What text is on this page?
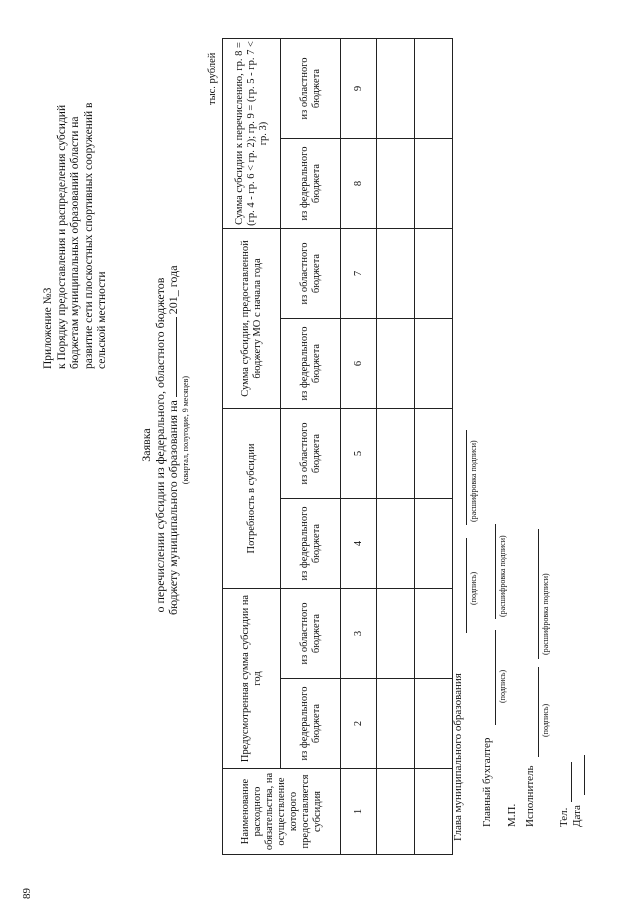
89
Приложение №3 к Порядку предоставления и распределения субсидий бюджетам муниципальных образований области на развитие сети плоскостных спортивных сооружений в сельской местности
Заявка о перечислении субсидии из федерального, областного бюджетов бюджету муниципального образования на  201_ года
(квартал, полугодие, 9 месяцев)
тыс. рублей
Наименование расходного обязательства, на осуществление которого предоставляется субсидия	Предусмотренная сумма субсидии на год		Потребность в субсидии		Сумма субсидии, предоставленной бюджету МО с начала года		Сумма субсидии к перечислению, гр. 8 = (гр. 4 - гр. 6 < гр. 2); гр. 9 = (гр. 5 - гр. 7 < гр. 3)	
	из федерального бюджета	из областного бюджета	из федерального бюджета	из областного бюджета	из федерального бюджета	из областного бюджета	из федерального бюджета	из областного бюджета
1	2	3	4	5	6	7	8	9

Глава муниципального образования
(подпись)
(расшифровка подписи)
Главный бухгалтер
(подпись)
(расшифровка подписи)
М.П. Исполнитель
(подпись)
(расшифровка подписи)
Тел. Дата
